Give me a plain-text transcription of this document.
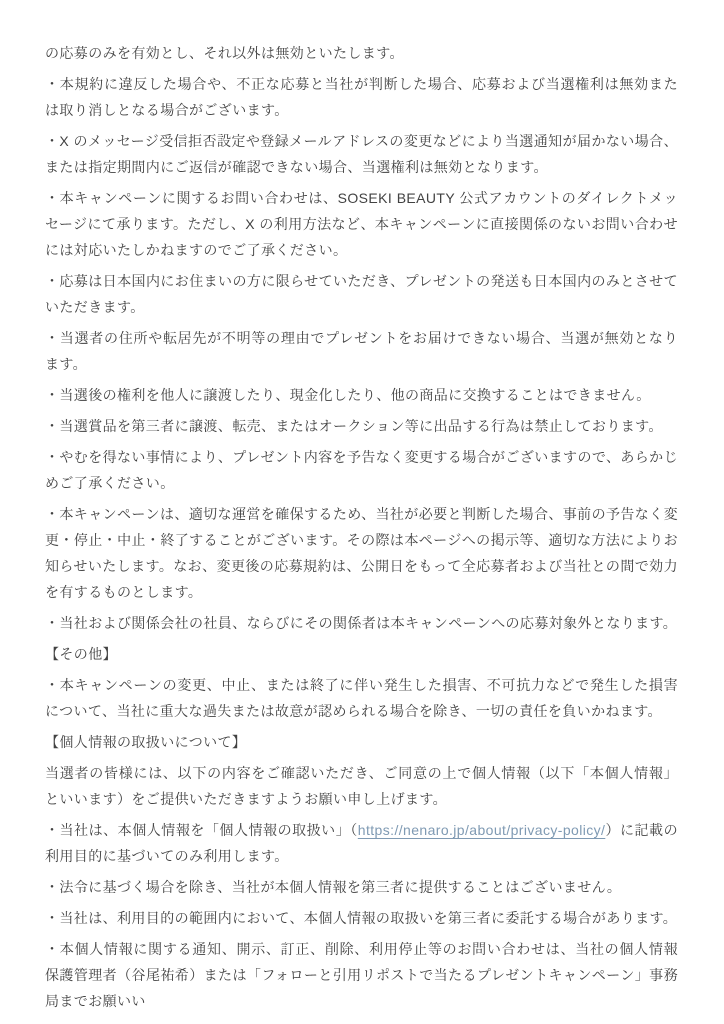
の応募のみを有効とし、それ以外は無効といたします。

・本規約に違反した場合や、不正な応募と当社が判断した場合、応募および当選権利は無効または取り消しとなる場合がございます。

・X のメッセージ受信拒否設定や登録メールアドレスの変更などにより当選通知が届かない場合、または指定期間内にご返信が確認できない場合、当選権利は無効となります。

・本キャンペーンに関するお問い合わせは、SOSEKI BEAUTY 公式アカウントのダイレクトメッセージにて承ります。ただし、X の利用方法など、本キャンペーンに直接関係のないお問い合わせには対応いたしかねますのでご了承ください。

・応募は日本国内にお住まいの方に限らせていただき、プレゼントの発送も日本国内のみとさせていただきます。

・当選者の住所や転居先が不明等の理由でプレゼントをお届けできない場合、当選が無効となります。

・当選後の権利を他人に譲渡したり、現金化したり、他の商品に交換することはできません。

・当選賞品を第三者に譲渡、転売、またはオークション等に出品する行為は禁止しております。

・やむを得ない事情により、プレゼント内容を予告なく変更する場合がございますので、あらかじめご了承ください。

・本キャンペーンは、適切な運営を確保するため、当社が必要と判断した場合、事前の予告なく変更・停止・中止・終了することがございます。その際は本ページへの掲示等、適切な方法によりお知らせいたします。なお、変更後の応募規約は、公開日をもって全応募者および当社との間で効力を有するものとします。

・当社および関係会社の社員、ならびにその関係者は本キャンペーンへの応募対象外となります。

【その他】

・本キャンペーンの変更、中止、または終了に伴い発生した損害、不可抗力などで発生した損害について、当社に重大な過失または故意が認められる場合を除き、一切の責任を負いかねます。

【個人情報の取扱いについて】

当選者の皆様には、以下の内容をご確認いただき、ご同意の上で個人情報（以下「本個人情報」といいます）をご提供いただきますようお願い申し上げます。

・当社は、本個人情報を「個人情報の取扱い」（https://nenaro.jp/about/privacy-policy/）に記載の利用目的に基づいてのみ利用します。

・法令に基づく場合を除き、当社が本個人情報を第三者に提供することはございません。

・当社は、利用目的の範囲内において、本個人情報の取扱いを第三者に委託する場合があります。

・本個人情報に関する通知、開示、訂正、削除、利用停止等のお問い合わせは、当社の個人情報保護管理者（谷尾祐希）または「フォローと引用リポストで当たるプレゼントキャンペーン」事務局までお願いい
